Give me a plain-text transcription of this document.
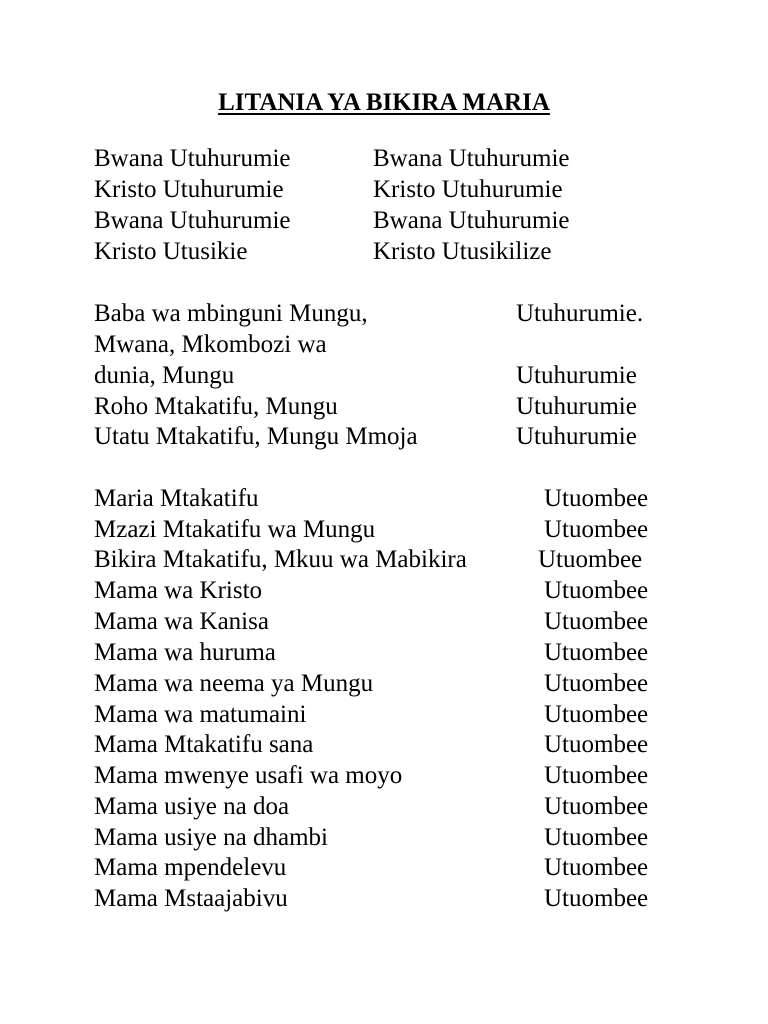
LITANIA YA BIKIRA MARIA
Bwana Utuhurumie	Bwana Utuhurumie
Kristo Utuhurumie	Kristo Utuhurumie
Bwana Utuhurumie	Bwana Utuhurumie
Kristo Utusikie	Kristo Utusikilize
Baba wa mbinguni Mungu,	Utuhurumie.
Mwana, Mkombozi wa
dunia, Mungu	Utuhurumie
Roho Mtakatifu, Mungu	Utuhurumie
Utatu Mtakatifu, Mungu Mmoja	Utuhurumie
Maria Mtakatifu	Utuombee
Mzazi Mtakatifu wa Mungu	Utuombee
Bikira Mtakatifu, Mkuu wa Mabikira	Utuombee
Mama wa Kristo	Utuombee
Mama wa Kanisa	Utuombee
Mama wa huruma	Utuombee
Mama wa neema ya Mungu	Utuombee
Mama wa matumaini	Utuombee
Mama Mtakatifu sana	Utuombee
Mama mwenye usafi wa moyo	Utuombee
Mama usiye na doa	Utuombee
Mama usiye na dhambi	Utuombee
Mama mpendelevu	Utuombee
Mama Mstaajabivu	Utuombee
